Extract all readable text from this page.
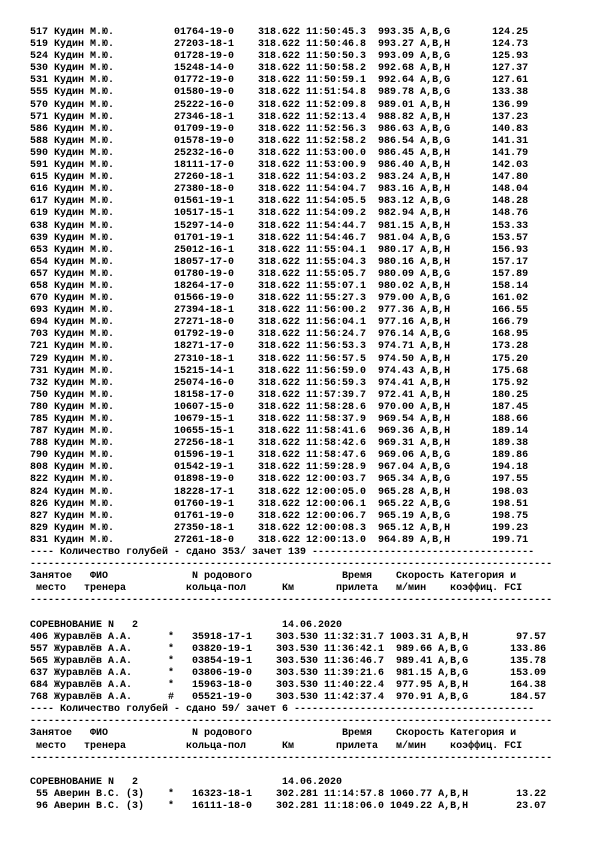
517 Кудин М.Ю.          01764-19-0    318.622 11:50:45.3  993.35 A,B,G       124.25
519 Кудин М.Ю.          27203-18-1    318.622 11:50:46.8  993.27 A,B,H       124.73
524 Кудин М.Ю.          01728-19-0    318.622 11:50:50.3  993.09 A,B,G       125.93
530 Кудин М.Ю.          15248-14-0    318.622 11:50:58.2  992.68 A,B,H       127.37
531 Кудин М.Ю.          01772-19-0    318.622 11:50:59.1  992.64 A,B,G       127.61
555 Кудин М.Ю.          01580-19-0    318.622 11:51:54.8  989.78 A,B,G       133.38
570 Кудин М.Ю.          25222-16-0    318.622 11:52:09.8  989.01 A,B,H       136.99
571 Кудин М.Ю.          27346-18-1    318.622 11:52:13.4  988.82 A,B,H       137.23
586 Кудин М.Ю.          01709-19-0    318.622 11:52:56.3  986.63 A,B,G       140.83
588 Кудин М.Ю.          01578-19-0    318.622 11:52:58.2  986.54 A,B,G       141.31
590 Кудин М.Ю.          25232-16-0    318.622 11:53:00.0  986.45 A,B,H       141.79
591 Кудин М.Ю.          18111-17-0    318.622 11:53:00.9  986.40 A,B,H       142.03
615 Кудин М.Ю.          27260-18-1    318.622 11:54:03.2  983.24 A,B,H       147.80
616 Кудин М.Ю.          27380-18-0    318.622 11:54:04.7  983.16 A,B,H       148.04
617 Кудин М.Ю.          01561-19-1    318.622 11:54:05.5  983.12 A,B,G       148.28
619 Кудин М.Ю.          10517-15-1    318.622 11:54:09.2  982.94 A,B,H       148.76
638 Кудин М.Ю.          15297-14-0    318.622 11:54:44.7  981.15 A,B,H       153.33
639 Кудин М.Ю.          01701-19-1    318.622 11:54:46.7  981.04 A,B,G       153.57
653 Кудин М.Ю.          25012-16-1    318.622 11:55:04.1  980.17 A,B,H       156.93
654 Кудин М.Ю.          18057-17-0    318.622 11:55:04.3  980.16 A,B,H       157.17
657 Кудин М.Ю.          01780-19-0    318.622 11:55:05.7  980.09 A,B,G       157.89
658 Кудин М.Ю.          18264-17-0    318.622 11:55:07.1  980.02 A,B,H       158.14
670 Кудин М.Ю.          01566-19-0    318.622 11:55:27.3  979.00 A,B,G       161.02
693 Кудин М.Ю.          27394-18-1    318.622 11:56:00.2  977.36 A,B,H       166.55
694 Кудин М.Ю.          27271-18-0    318.622 11:56:04.1  977.16 A,B,H       166.79
703 Кудин М.Ю.          01792-19-0    318.622 11:56:24.7  976.14 A,B,G       168.95
721 Кудин М.Ю.          18271-17-0    318.622 11:56:53.3  974.71 A,B,H       173.28
729 Кудин М.Ю.          27310-18-1    318.622 11:56:57.5  974.50 A,B,H       175.20
731 Кудин М.Ю.          15215-14-1    318.622 11:56:59.0  974.43 A,B,H       175.68
732 Кудин М.Ю.          25074-16-0    318.622 11:56:59.3  974.41 A,B,H       175.92
750 Кудин М.Ю.          18158-17-0    318.622 11:57:39.7  972.41 A,B,H       180.25
780 Кудин М.Ю.          10607-15-0    318.622 11:58:28.6  970.00 A,B,H       187.45
785 Кудин М.Ю.          10679-15-1    318.622 11:58:37.9  969.54 A,B,H       188.66
787 Кудин М.Ю.          10655-15-1    318.622 11:58:41.6  969.36 A,B,H       189.14
788 Кудин М.Ю.          27256-18-1    318.622 11:58:42.6  969.31 A,B,H       189.38
790 Кудин М.Ю.          01596-19-1    318.622 11:58:47.6  969.06 A,B,G       189.86
808 Кудин М.Ю.          01542-19-1    318.622 11:59:28.9  967.04 A,B,G       194.18
822 Кудин М.Ю.          01898-19-0    318.622 12:00:03.7  965.34 A,B,G       197.55
824 Кудин М.Ю.          18228-17-1    318.622 12:00:05.0  965.28 A,B,H       198.03
826 Кудин М.Ю.          01760-19-1    318.622 12:00:06.1  965.22 A,B,G       198.51
827 Кудин М.Ю.          01761-19-0    318.622 12:00:06.7  965.19 A,B,G       198.75
829 Кудин М.Ю.          27350-18-1    318.622 12:00:08.3  965.12 A,B,H       199.23
831 Кудин М.Ю.          27261-18-0    318.622 12:00:13.0  964.89 A,B,H       199.71
---- Количество голубей - сдано 353/ зачет 139 -------------------------------------
---------------------------------------------------------------------------------------
Занятое   ФИО              N родового               Время    Скорость Категория и
место   тренера          кольца-пол      Км       прилета   м/мин    коэффиц. FCI
---------------------------------------------------------------------------------------
СОРЕВНОВАНИЕ N   2                        14.06.2020
406 Журавлёв А.А.      *   35918-17-1    303.530 11:32:31.7 1003.31 A,B,H        97.57
557 Журавлёв А.А.      *   03820-19-1    303.530 11:36:42.1  989.66 A,B,G       133.86
565 Журавлёв А.А.      *   03854-19-1    303.530 11:36:46.7  989.41 A,B,G       135.78
637 Журавлёв А.А.      *   03806-19-0    303.530 11:39:21.6  981.15 A,B,G       153.09
684 Журавлёв А.А.      *   15963-18-0    303.530 11:40:22.4  977.95 A,B,H       164.38
768 Журавлёв А.А.      #   05521-19-0    303.530 11:42:37.4  970.91 A,B,G       184.57
---- Количество голубей - сдано 59/ зачет 6 ----------------------------------------
---------------------------------------------------------------------------------------
Занятое   ФИО              N родового               Время    Скорость Категория и
место   тренера          кольца-пол      Км       прилета   м/мин    коэффиц. FCI
---------------------------------------------------------------------------------------
СОРЕВНОВАНИЕ N   2                        14.06.2020
55 Аверин В.С. (3)    *   16323-18-1    302.281 11:14:57.8 1060.77 A,B,H        13.22
96 Аверин В.С. (3)    *   16111-18-0    302.281 11:18:06.0 1049.22 A,B,H        23.07
